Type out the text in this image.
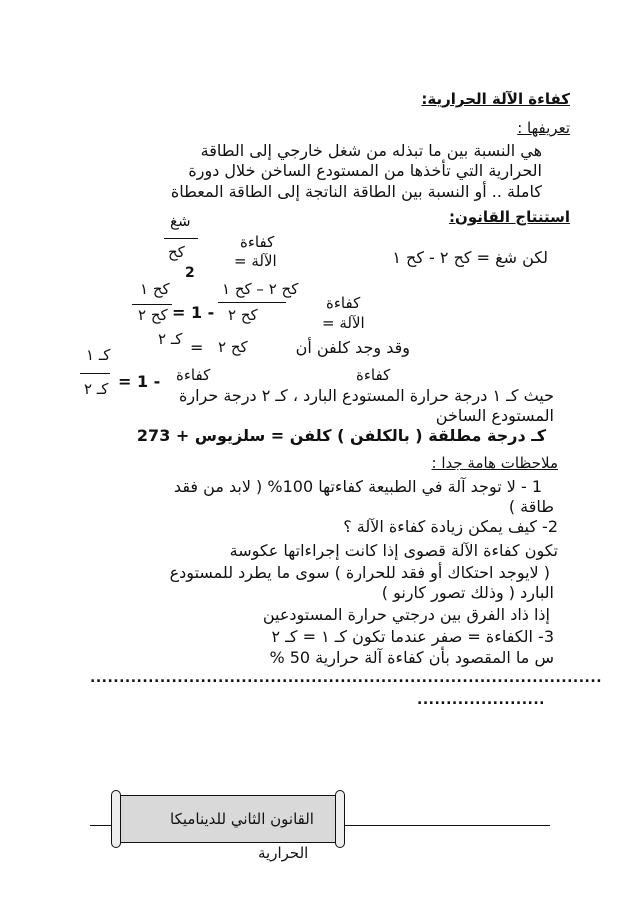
كفاءة الآلة الحرارية:
تعريفها :
هي النسبة بين ما تبذله من شغل خارجي إلى الطاقة
الحرارية التي تأخذها من المستودع الساخن خلال دورة
كاملة .. أو النسبة بين الطاقة الناتجة إلى الطاقة المعطاة
استنتاج القانون:
شغ
كح
كفاءة
الآلة =	لكن شغ = كح ٢ - كح ١
2
كح ١
كح ٢ = 1 -
كح ٢ – كح ١
كح ٢
كفاءة
الآلة =
كـ ٢ = كح ٢	وقد وجد كلفن أن
كـ ١
كـ ٢ = 1 - كفاءة	كفاءة
حيث كـ ١ درجة حرارة المستودع البارد ، كـ ٢ درجة حرارة
المستودع الساخن
كـ درجة مطلقة ( بالكلفن ) كلفن = سلزيوس + 273
ملاحظات هامة جدا :
1 - لا توجد آلة في الطبيعة كفاءتها 100% ( لابد من فقد
طاقة )
2- كيف يمكن زيادة كفاءة الآلة ؟
تكون كفاءة الآلة قصوى إذا كانت إجراءاتها عكوسة
( لايوجد احتكاك أو فقد للحرارة ) سوى ما يطرد للمستودع
البارد ( وذلك تصور كارنو )
إذا ذاد الفرق بين درجتي حرارة المستودعين
3- الكفاءة = صفر عندما تكون كـ ١ = كـ ٢
س ما المقصود بأن كفاءة آلة حرارية 50 %
........................................................................................
......................
القانون الثاني للديناميكا
الحرارية
